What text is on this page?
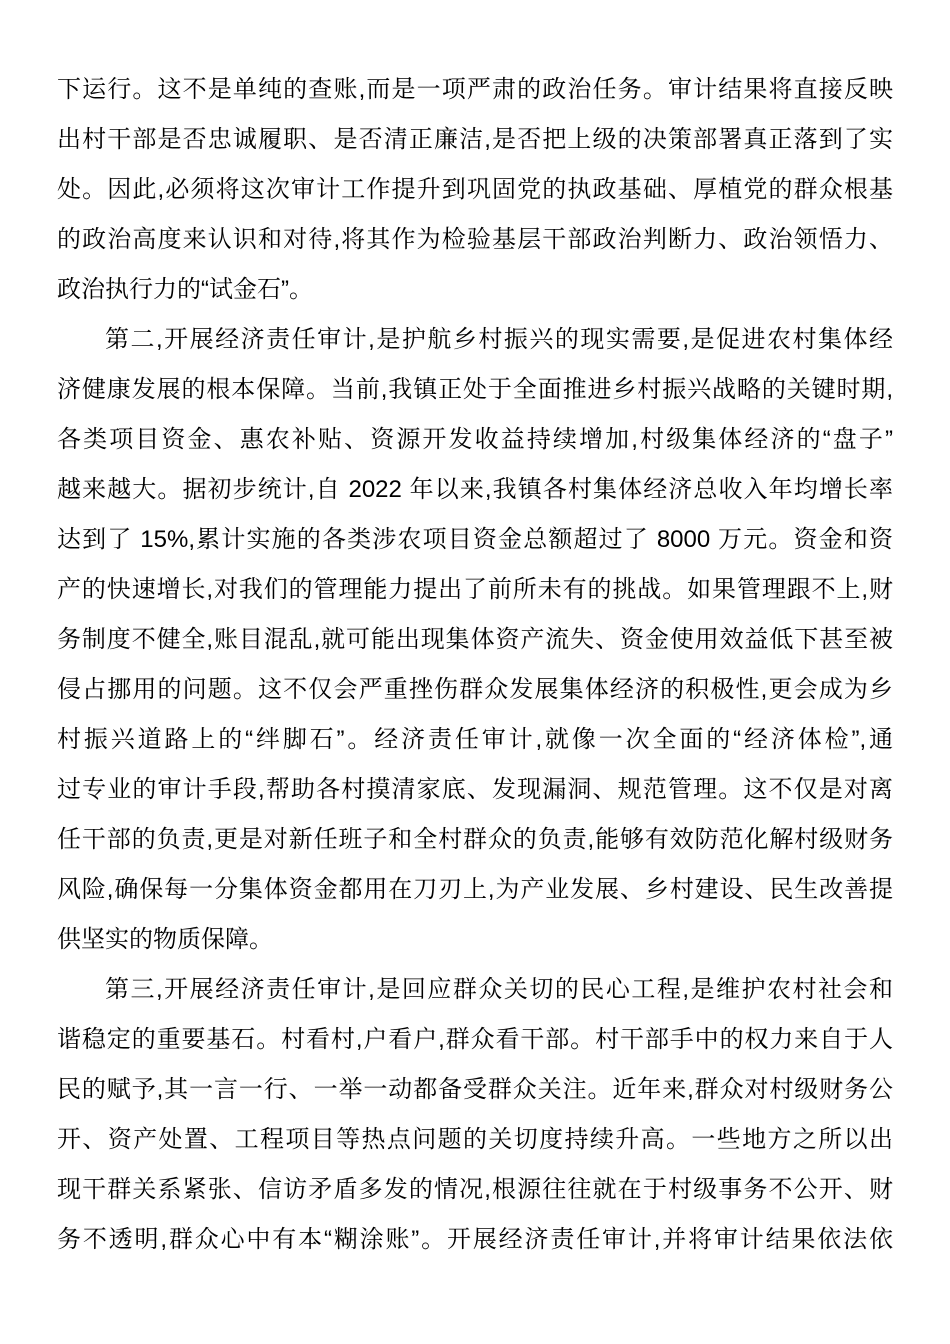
下运行。这不是单纯的查账,而是一项严肃的政治任务。审计结果将直接反映
出村干部是否忠诚履职、是否清正廉洁,是否把上级的决策部署真正落到了实
处。因此,必须将这次审计工作提升到巩固党的执政基础、厚植党的群众根基
的政治高度来认识和对待,将其作为检验基层干部政治判断力、政治领悟力、
政治执行力的“试金石”。
第二,开展经济责任审计,是护航乡村振兴的现实需要,是促进农村集体经
济健康发展的根本保障。当前,我镇正处于全面推进乡村振兴战略的关键时期,
各类项目资金、惠农补贴、资源开发收益持续增加,村级集体经济的“盘子”
越来越大。据初步统计,自 2022 年以来,我镇各村集体经济总收入年均增长率
达到了 15%,累计实施的各类涉农项目资金总额超过了 8000 万元。资金和资
产的快速增长,对我们的管理能力提出了前所未有的挑战。如果管理跟不上,财
务制度不健全,账目混乱,就可能出现集体资产流失、资金使用效益低下甚至被
侵占挪用的问题。这不仅会严重挫伤群众发展集体经济的积极性,更会成为乡
村振兴道路上的“绊脚石”。经济责任审计,就像一次全面的“经济体检”,通
过专业的审计手段,帮助各村摸清家底、发现漏洞、规范管理。这不仅是对离
任干部的负责,更是对新任班子和全村群众的负责,能够有效防范化解村级财务
风险,确保每一分集体资金都用在刀刃上,为产业发展、乡村建设、民生改善提
供坚实的物质保障。
第三,开展经济责任审计,是回应群众关切的民心工程,是维护农村社会和
谐稳定的重要基石。村看村,户看户,群众看干部。村干部手中的权力来自于人
民的赋予,其一言一行、一举一动都备受群众关注。近年来,群众对村级财务公
开、资产处置、工程项目等热点问题的关切度持续升高。一些地方之所以出
现干群关系紧张、信访矛盾多发的情况,根源往往就在于村级事务不公开、财
务不透明,群众心中有本“糊涂账”。开展经济责任审计,并将审计结果依法依
